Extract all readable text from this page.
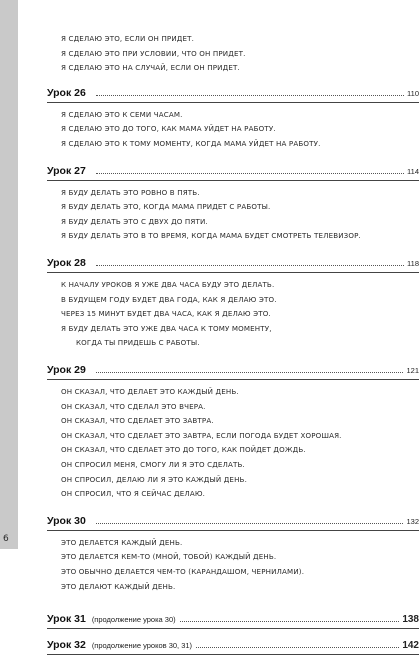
6
Я СДЕЛАЮ ЭТО, ЕСЛИ ОН ПРИДЕТ.
Я СДЕЛАЮ ЭТО ПРИ УСЛОВИИ, ЧТО ОН ПРИДЕТ.
Я СДЕЛАЮ ЭТО НА СЛУЧАЙ, ЕСЛИ ОН ПРИДЕТ.
Урок 26	110
Я СДЕЛАЮ ЭТО К СЕМИ ЧАСАМ.
Я СДЕЛАЮ ЭТО ДО ТОГО, КАК МАМА УЙДЕТ НА РАБОТУ.
Я СДЕЛАЮ ЭТО К ТОМУ МОМЕНТУ, КОГДА МАМА УЙДЕТ НА РАБОТУ.
Урок 27	114
Я БУДУ ДЕЛАТЬ ЭТО РОВНО В ПЯТЬ.
Я БУДУ ДЕЛАТЬ ЭТО, КОГДА МАМА ПРИДЕТ С РАБОТЫ.
Я БУДУ ДЕЛАТЬ ЭТО С ДВУХ ДО ПЯТИ.
Я БУДУ ДЕЛАТЬ ЭТО В ТО ВРЕМЯ, КОГДА МАМА БУДЕТ СМОТРЕТЬ ТЕЛЕВИЗОР.
Урок 28	118
К НАЧАЛУ УРОКОВ Я УЖЕ ДВА ЧАСА БУДУ ЭТО ДЕЛАТЬ.
В БУДУЩЕМ ГОДУ БУДЕТ ДВА ГОДА, КАК Я ДЕЛАЮ ЭТО.
ЧЕРЕЗ 15 МИНУТ БУДЕТ ДВА ЧАСА, КАК Я ДЕЛАЮ ЭТО.
Я БУДУ ДЕЛАТЬ ЭТО УЖЕ ДВА ЧАСА К ТОМУ МОМЕНТУ,
КОГДА ТЫ ПРИДЕШЬ С РАБОТЫ.
Урок 29	121
ОН СКАЗАЛ, ЧТО ДЕЛАЕТ ЭТО КАЖДЫЙ ДЕНЬ.
ОН СКАЗАЛ, ЧТО СДЕЛАЛ ЭТО ВЧЕРА.
ОН СКАЗАЛ, ЧТО СДЕЛАЕТ ЭТО ЗАВТРА.
ОН СКАЗАЛ, ЧТО СДЕЛАЕТ ЭТО ЗАВТРА, ЕСЛИ ПОГОДА БУДЕТ ХОРОШАЯ.
ОН СКАЗАЛ, ЧТО СДЕЛАЕТ ЭТО ДО ТОГО, КАК ПОЙДЕТ ДОЖДЬ.
ОН СПРОСИЛ МЕНЯ, СМОГУ ЛИ Я ЭТО СДЕЛАТЬ.
ОН СПРОСИЛ, ДЕЛАЮ ЛИ Я ЭТО КАЖДЫЙ ДЕНЬ.
ОН СПРОСИЛ, ЧТО Я СЕЙЧАС ДЕЛАЮ.
Урок 30	132
ЭТО ДЕЛАЕТСЯ КАЖДЫЙ ДЕНЬ.
ЭТО ДЕЛАЕТСЯ КЕМ-ТО (МНОЙ, ТОБОЙ) КАЖДЫЙ ДЕНЬ.
ЭТО ОБЫЧНО ДЕЛАЕТСЯ ЧЕМ-ТО (КАРАНДАШОМ, ЧЕРНИЛАМИ).
ЭТО ДЕЛАЮТ КАЖДЫЙ ДЕНЬ.
Урок 31 (продолжение урока 30)	138
Урок 32 (продолжение уроков 30, 31)	142
